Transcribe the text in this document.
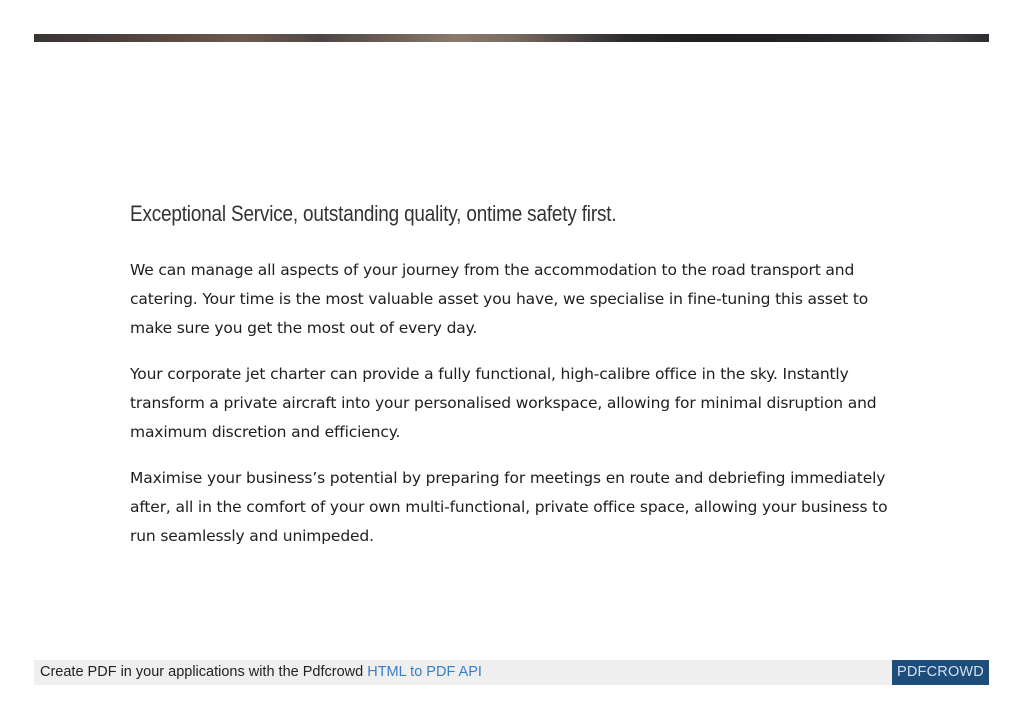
Exceptional Service, outstanding quality, ontime safety first.

We can manage all aspects of your journey from the accommodation to the road transport and catering. Your time is the most valuable asset you have, we specialise in fine-tuning this asset to make sure you get the most out of every day.

Your corporate jet charter can provide a fully functional, high-calibre office in the sky. Instantly transform a private aircraft into your personalised workspace, allowing for minimal disruption and maximum discretion and efficiency.

Maximise your business’s potential by preparing for meetings en route and debriefing immediately after, all in the comfort of your own multi-functional, private office space, allowing your business to run seamlessly and unimpeded.

Create PDF in your applications with the Pdfcrowd HTML to PDF API	PDFCROWD
